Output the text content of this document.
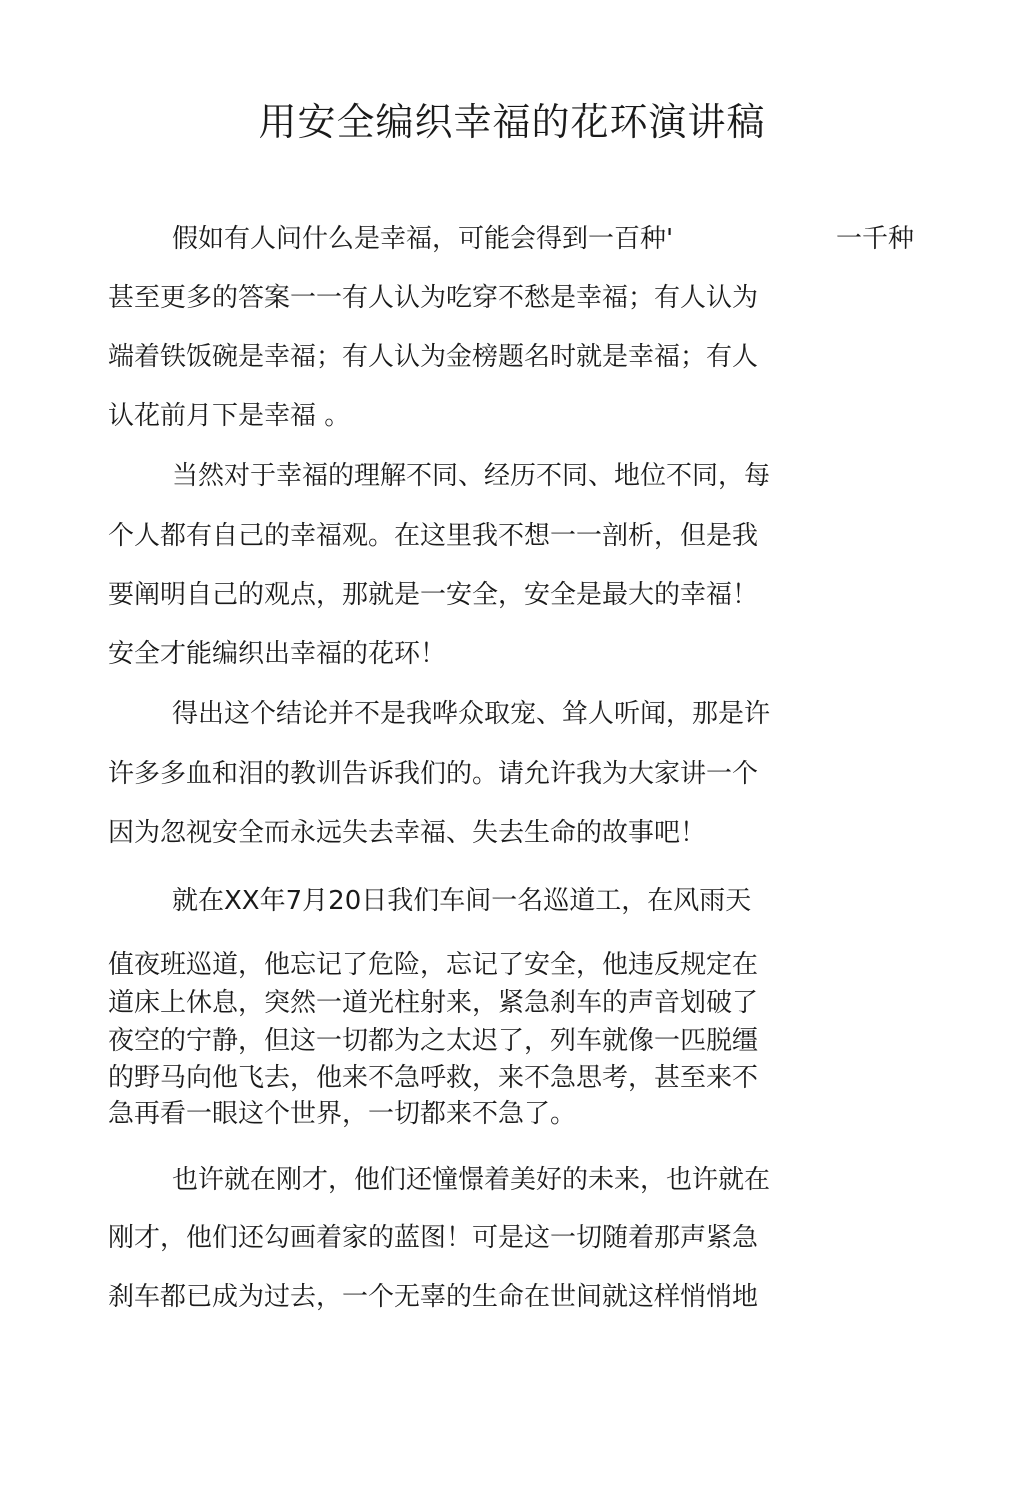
用安全编织幸福的花环演讲稿

假如有人问什么是幸福，可能会得到一百种'	一千种

甚至更多的答案一一有人认为吃穿不愁是幸福；有人认为

端着铁饭碗是幸福；有人认为金榜题名时就是幸福；有人

认花前月下是幸福 。

当然对于幸福的理解不同、经历不同、地位不同，每

个人都有自己的幸福观。在这里我不想一一剖析，但是我

要阐明自己的观点，那就是一安全，安全是最大的幸福！

安全才能编织出幸福的花环！

得出这个结论并不是我哗众取宠、耸人听闻，那是许

许多多血和泪的教训告诉我们的。请允许我为大家讲一个

因为忽视安全而永远失去幸福、失去生命的故事吧！

就在XX年7月20日我们车间一名巡道工，在风雨天

值夜班巡道，他忘记了危险，忘记了安全，他违反规定在

道床上休息，突然一道光柱射来，紧急刹车的声音划破了

夜空的宁静，但这一切都为之太迟了，列车就像一匹脱缰

的野马向他飞去，他来不急呼救，来不急思考，甚至来不

急再看一眼这个世界，一切都来不急了。

也许就在刚才，他们还憧憬着美好的未来，也许就在

刚才，他们还勾画着家的蓝图！可是这一切随着那声紧急

刹车都已成为过去，一个无辜的生命在世间就这样悄悄地
